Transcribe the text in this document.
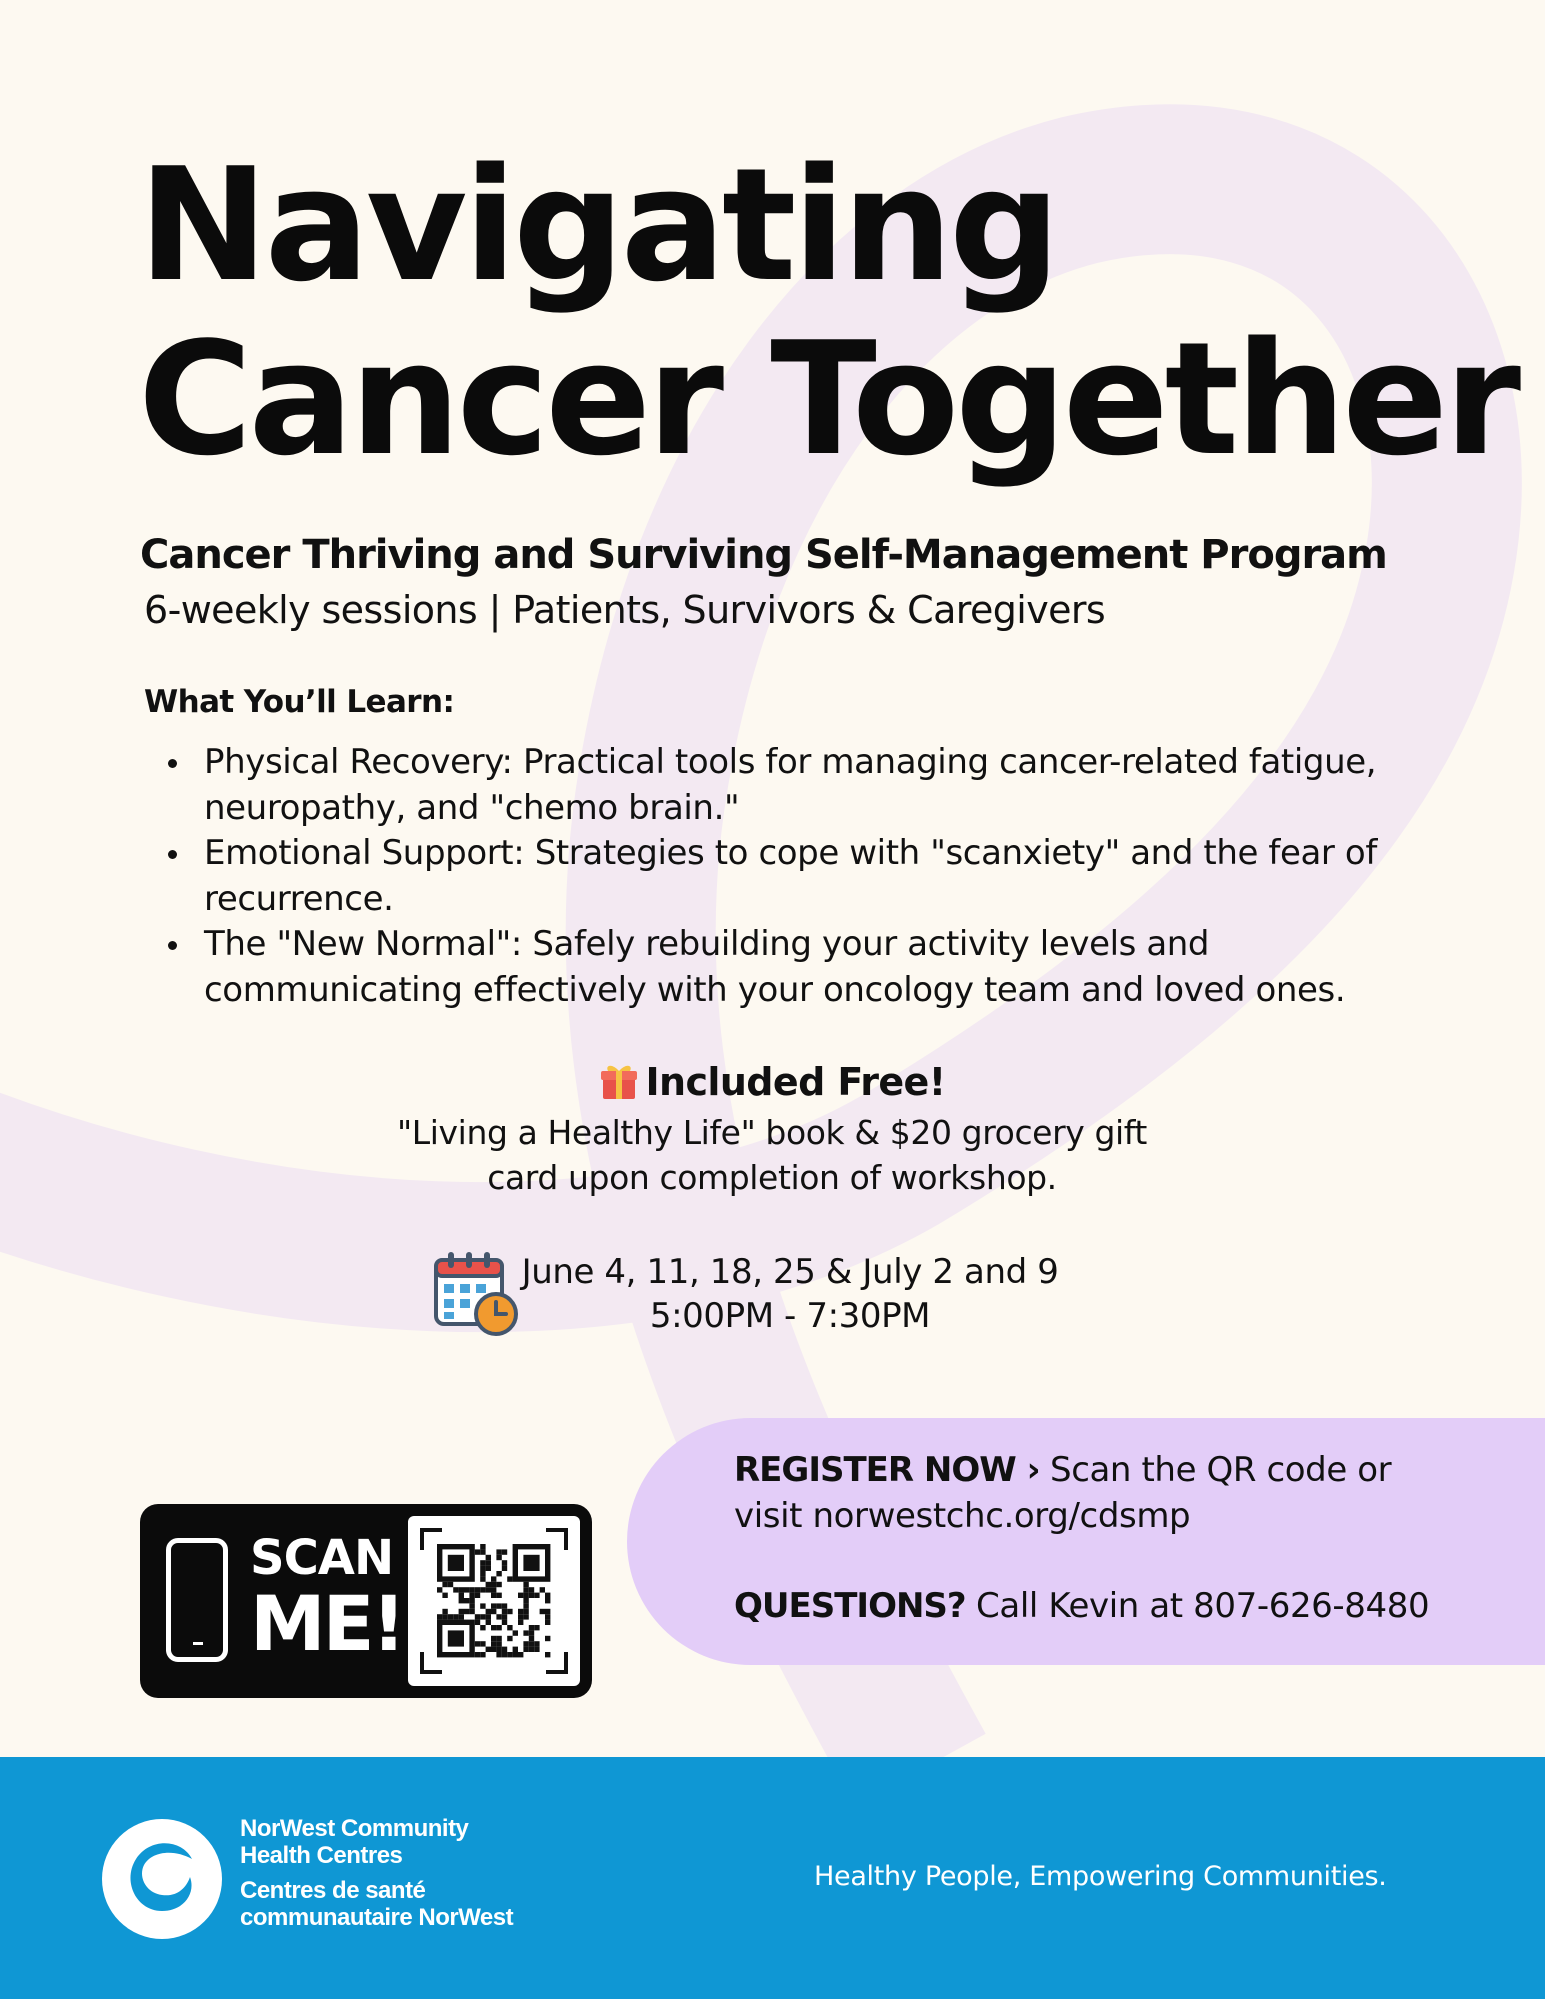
Navigating
Cancer Together
Cancer Thriving and Surviving Self-Management Program
6-weekly sessions | Patients, Survivors & Caregivers
What You’ll Learn:
Physical Recovery: Practical tools for managing cancer-related fatigue, neuropathy, and "chemo brain."
Emotional Support: Strategies to cope with "scanxiety" and the fear of recurrence.
The "New Normal": Safely rebuilding your activity levels and communicating effectively with your oncology team and loved ones.
Included Free!
"Living a Healthy Life" book & $20 grocery gift
card upon completion of workshop.
June 4, 11, 18, 25 & July 2 and 9
5:00PM - 7:30PM
REGISTER NOW › Scan the QR code or
visit norwestchc.org/cdsmp
QUESTIONS? Call Kevin at 807-626-8480
SCAN
ME!
NorWest Community
Health Centres
Centres de santé
communautaire NorWest
Healthy People, Empowering Communities.
